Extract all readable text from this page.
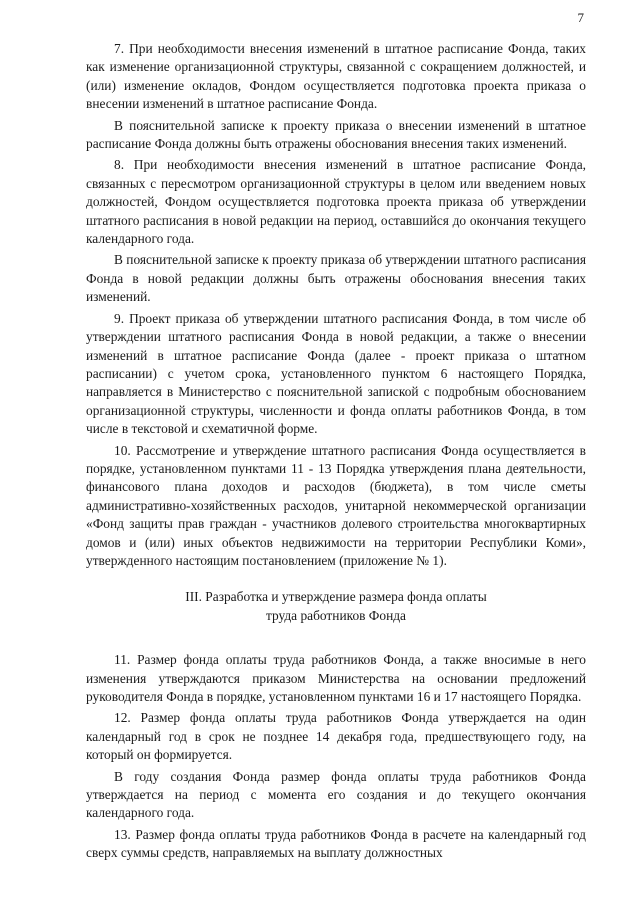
7

7. При необходимости внесения изменений в штатное расписание Фонда, таких как изменение организационной структуры, связанной с сокращением должностей, и (или) изменение окладов, Фондом осуществляется подготовка проекта приказа о внесении изменений в штатное расписание Фонда.

В пояснительной записке к проекту приказа о внесении изменений в штатное расписание Фонда должны быть отражены обоснования внесения таких изменений.

8. При необходимости внесения изменений в штатное расписание Фонда, связанных с пересмотром организационной структуры в целом или введением новых должностей, Фондом осуществляется подготовка проекта приказа об утверждении штатного расписания в новой редакции на период, оставшийся до окончания текущего календарного года.

В пояснительной записке к проекту приказа об утверждении штатного расписания Фонда в новой редакции должны быть отражены обоснования внесения таких изменений.

9. Проект приказа об утверждении штатного расписания Фонда, в том числе об утверждении штатного расписания Фонда в новой редакции, а также о внесении изменений в штатное расписание Фонда (далее - проект приказа о штатном расписании) с учетом срока, установленного пунктом 6 настоящего Порядка, направляется в Министерство с пояснительной запиской с подробным обоснованием организационной структуры, численности и фонда оплаты работников Фонда, в том числе в текстовой и схематичной форме.

10. Рассмотрение и утверждение штатного расписания Фонда осуществляется в порядке, установленном пунктами 11 - 13 Порядка утверждения плана деятельности, финансового плана доходов и расходов (бюджета), в том числе сметы административно-хозяйственных расходов, унитарной некоммерческой организации «Фонд защиты прав граждан - участников долевого строительства многоквартирных домов и (или) иных объектов недвижимости на территории Республики Коми», утвержденного настоящим постановлением (приложение № 1).

III. Разработка и утверждение размера фонда оплаты
труда работников Фонда

11. Размер фонда оплаты труда работников Фонда, а также вносимые в него изменения утверждаются приказом Министерства на основании предложений руководителя Фонда в порядке, установленном пунктами 16 и 17 настоящего Порядка.

12. Размер фонда оплаты труда работников Фонда утверждается на один календарный год в срок не позднее 14 декабря года, предшествующего году, на который он формируется.

В году создания Фонда размер фонда оплаты труда работников Фонда утверждается на период с момента его создания и до текущего окончания календарного года.

13. Размер фонда оплаты труда работников Фонда в расчете на календарный год сверх суммы средств, направляемых на выплату должностных
